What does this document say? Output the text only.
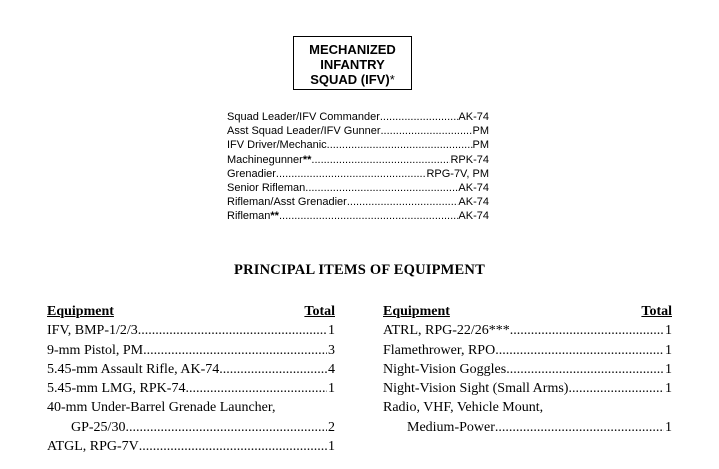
MECHANIZED
INFANTRY
SQUAD (IFV)*
Squad Leader/IFV Commander .....	AK-74
Asst Squad Leader/IFV Gunner .....	PM
IFV Driver/Mechanic .....	PM
Machinegunner** .....	RPK-74
Grenadier .....	RPG-7V, PM
Senior Rifleman .....	AK-74
Rifleman/Asst Grenadier .....	AK-74
Rifleman** .....	AK-74
PRINCIPAL ITEMS OF EQUIPMENT
Equipment	Total
IFV, BMP-1/2/3 .....	1
9-mm Pistol, PM .....	3
5.45-mm Assault Rifle, AK-74 .....	4
5.45-mm LMG, RPK-74 .....	1
40-mm Under-Barrel Grenade Launcher,
GP-25/30 .....	2
ATGL, RPG-7V .....	1
Equipment	Total
ATRL, RPG-22/26*** .....	1
Flamethrower, RPO .....	1
Night-Vision Goggles .....	1
Night-Vision Sight (Small Arms) .....	1
Radio, VHF, Vehicle Mount,
Medium-Power .....	1
